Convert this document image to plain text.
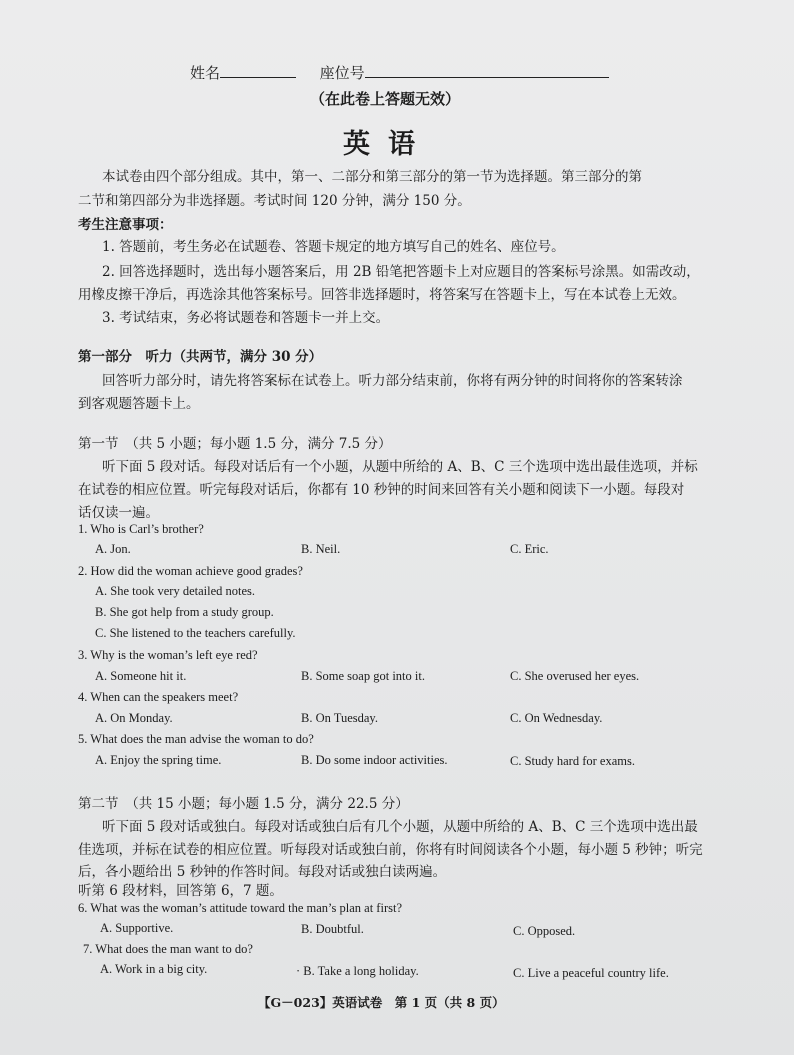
姓名	座位号
（在此卷上答题无效）
英语
本试卷由四个部分组成。其中，第一、二部分和第三部分的第一节为选择题。第三部分的第
二节和第四部分为非选择题。考试时间 120 分钟，满分 150 分。
考生注意事项：
1. 答题前，考生务必在试题卷、答题卡规定的地方填写自己的姓名、座位号。
2. 回答选择题时，选出每小题答案后，用 2B 铅笔把答题卡上对应题目的答案标号涂黑。如需改动，
用橡皮擦干净后，再选涂其他答案标号。回答非选择题时，将答案写在答题卡上，写在本试卷上无效。
3. 考试结束，务必将试题卷和答题卡一并上交。
第一部分　听力（共两节，满分 30 分）
回答听力部分时，请先将答案标在试卷上。听力部分结束前，你将有两分钟的时间将你的答案转涂
到客观题答题卡上。
第一节　（共 5 小题；每小题 1.5 分，满分 7.5 分）
听下面 5 段对话。每段对话后有一个小题，从题中所给的 A、B、C 三个选项中选出最佳选项，并标
在试卷的相应位置。听完每段对话后，你都有 10 秒钟的时间来回答有关小题和阅读下一小题。每段对
话仅读一遍。
1. Who is Carl’s brother?
A. Jon.	B. Neil.	C. Eric.
2. How did the woman achieve good grades?
A. She took very detailed notes.
B. She got help from a study group.
C. She listened to the teachers carefully.
3. Why is the woman’s left eye red?
A. Someone hit it.	B. Some soap got into it.	C. She overused her eyes.
4. When can the speakers meet?
A. On Monday.	B. On Tuesday.	C. On Wednesday.
5. What does the man advise the woman to do?
A. Enjoy the spring time.	B. Do some indoor activities.	C. Study hard for exams.
第二节　（共 15 小题；每小题 1.5 分，满分 22.5 分）
听下面 5 段对话或独白。每段对话或独白后有几个小题，从题中所给的 A、B、C 三个选项中选出最
佳选项，并标在试卷的相应位置。听每段对话或独白前，你将有时间阅读各个小题，每小题 5 秒钟；听完
后，各小题给出 5 秒钟的作答时间。每段对话或独白读两遍。
听第 6 段材料，回答第 6，7 题。
6. What was the woman’s attitude toward the man’s plan at first?
A. Supportive.	B. Doubtful.	C. Opposed.
7. What does the man want to do?
A. Work in a big city.	· B. Take a long holiday.	C. Live a peaceful country life.
【G－023】英语试卷　第 1 页（共 8 页）
